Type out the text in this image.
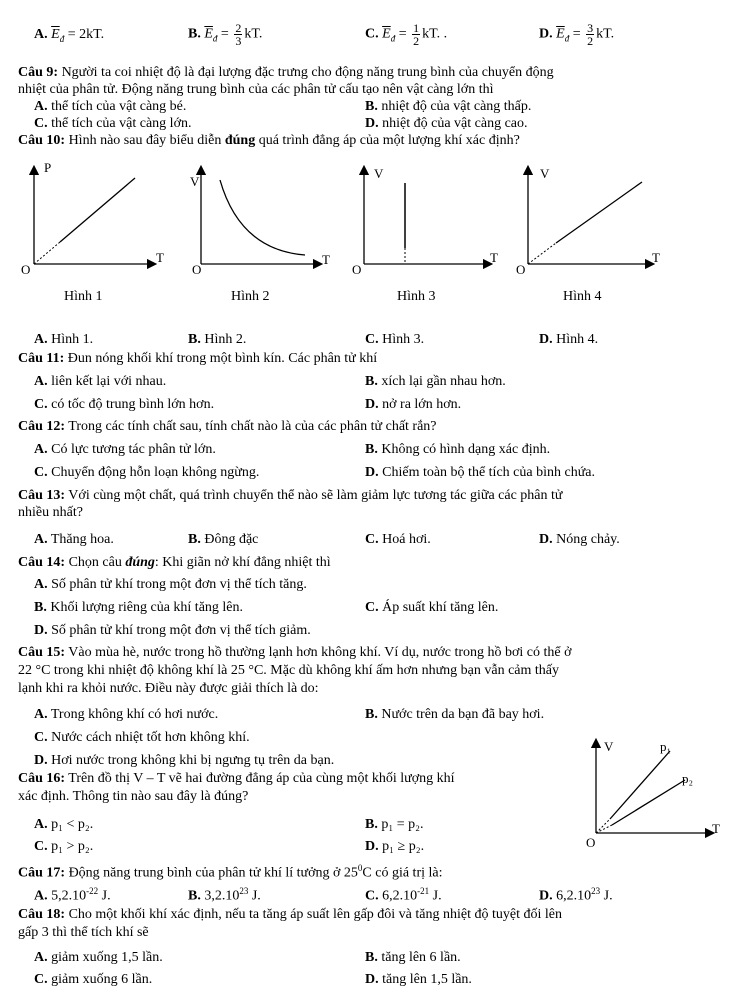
A. $\overline{E}_đ = 2kT$.	B. $\overline{E}_đ = \frac{2}{3}$ kT.	C. $\overline{E}_đ = \frac{1}{2}$ kT. .	D. $\overline{E}_đ = \frac{3}{2}$ kT.
Câu 9: Người ta coi nhiệt độ là đại lượng đặc trưng cho động năng trung bình của chuyển động
nhiệt của phân tử. Động năng trung bình của các phân tử cấu tạo nên vật càng lớn thì
A. thể tích của vật càng bé.	B. nhiệt độ của vật càng thấp.
C. thể tích của vật càng lớn.	D. nhiệt độ của vật càng cao.
Câu 10: Hình nào sau đây biểu diễn đúng quá trình đẳng áp của một lượng khí xác định?
P
T
O
Hình 1
V
T
O
Hình 2
V
T
O
Hình 3
V
T
O
Hình 4
A. Hình 1.	B. Hình 2.	C. Hình 3.	D. Hình 4.
Câu 11: Đun nóng khối khí trong một bình kín. Các phân tử khí
A. liên kết lại với nhau.	B. xích lại gần nhau hơn.
C. có tốc độ trung bình lớn hơn.	D. nở ra lớn hơn.
Câu 12: Trong các tính chất sau, tính chất nào là của các phân tử chất rắn?
A. Có lực tương tác phân tử lớn.	B. Không có hình dạng xác định.
C. Chuyển động hỗn loạn không ngừng.	D. Chiếm toàn bộ thể tích của bình chứa.
Câu 13: Với cùng một chất, quá trình chuyển thể nào sẽ làm giảm lực tương tác giữa các phân tử
nhiều nhất?
A. Thăng hoa.	B. Đông đặc	C. Hoá hơi.	D. Nóng chảy.
Câu 14: Chọn câu đúng: Khi giãn nở khí đẳng nhiệt thì
A. Số phân tử khí trong một đơn vị thể tích tăng.
B. Khối lượng riêng của khí tăng lên.	C. Áp suất khí tăng lên.
D. Số phân tử khí trong một đơn vị thể tích giảm.
Câu 15: Vào mùa hè, nước trong hồ thường lạnh hơn không khí. Ví dụ, nước trong hồ bơi có thể ở
22 °C trong khi nhiệt độ không khí là 25 °C. Mặc dù không khí ấm hơn nhưng bạn vẫn cảm thấy
lạnh khi ra khỏi nước. Điều này được giải thích là do:
A. Trong không khí có hơi nước.	B. Nước trên da bạn đã bay hơi.
C. Nước cách nhiệt tốt hơn không khí.
D. Hơi nước trong không khi bị ngưng tụ trên da bạn.
V
T
O
p₁
p₂
Câu 16: Trên đồ thị V – T vẽ hai đường đẳng áp của cùng một khối lượng khí
xác định. Thông tin nào sau đây là đúng?
A. p₁ < p₂.	B. p₁ = p₂.
C. p₁ > p₂.	D. p₁ ≥ p₂.
Câu 17: Động năng trung bình của phân tử khí lí tưởng ở $25^0C$ có giá trị là:
A. $5,2.10^{-22}$ J.	B. 3,2.10$^{23}$ J.	C. $6,2.10^{-21}$ J.	D. 6,2.10$^{23}$ J.
Câu 18: Cho một khối khí xác định, nếu ta tăng áp suất lên gấp đôi và tăng nhiệt độ tuyệt đối lên
gấp 3 thì thể tích khí sẽ
A. giảm xuống 1,5 lần.	B. tăng lên 6 lần.
C. giảm xuống 6 lần.	D. tăng lên 1,5 lần.
